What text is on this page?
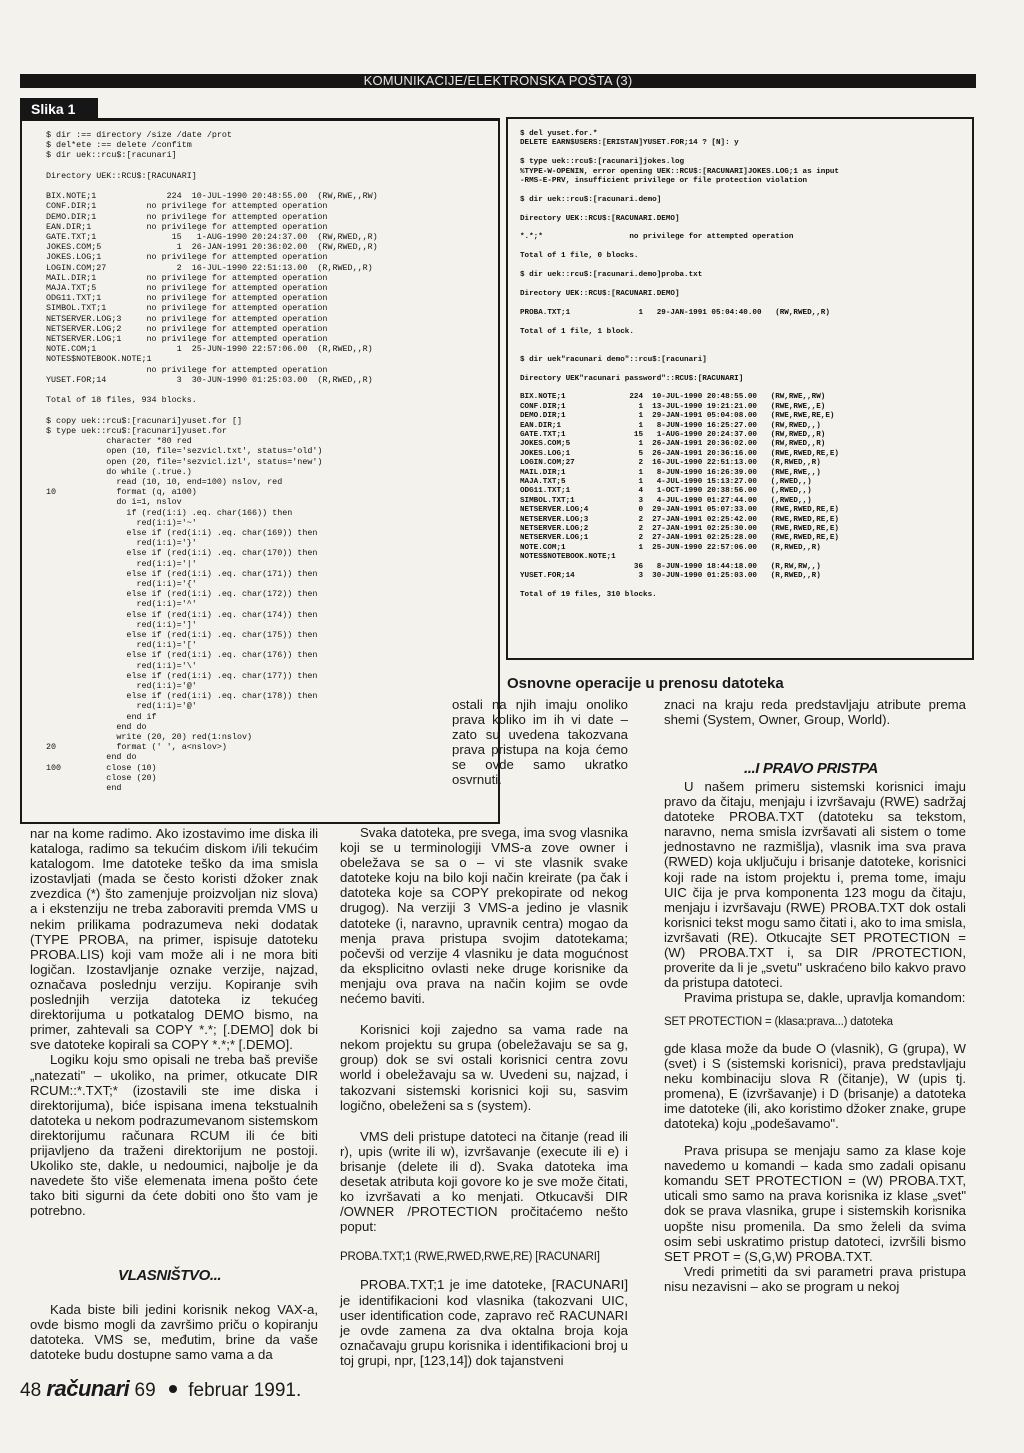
KOMUNIKACIJE/ELEKTRONSKA POŠTA (3)
Slika 1
$ dir :== directory /size /date /prot
$ del*ete :== delete /confitm
$ dir uek::rcu$:[racunari]

Directory UEK::RCU$:[RACUNARI]

BIX.NOTE;1              224  10-JUL-1990 20:48:55.00  (RW,RWE,,RW)
CONF.DIR;1          no privilege for attempted operation
DEMO.DIR;1          no privilege for attempted operation
EAN.DIR;1           no privilege for attempted operation
GATE.TXT;1               15   1-AUG-1990 20:24:37.00  (RW,RWED,,R)
JOKES.COM;5               1  26-JAN-1991 20:36:02.00  (RW,RWED,,R)
JOKES.LOG;1         no privilege for attempted operation
LOGIN.COM;27              2  16-JUL-1990 22:51:13.00  (R,RWED,,R)
MAIL.DIR;1          no privilege for attempted operation
MAJA.TXT;5          no privilege for attempted operation
ODG11.TXT;1         no privilege for attempted operation
SIMBOL.TXT;1        no privilege for attempted operation
NETSERVER.LOG;3     no privilege for attempted operation
NETSERVER.LOG;2     no privilege for attempted operation
NETSERVER.LOG;1     no privilege for attempted operation
NOTE.COM;1                1  25-JUN-1990 22:57:06.00  (R,RWED,,R)
NOTES$NOTEBOOK.NOTE;1
no privilege for attempted operation
YUSET.FOR;14              3  30-JUN-1990 01:25:03.00  (R,RWED,,R)

Total of 18 files, 934 blocks.

$ copy uek::rcu$:[racunari]yuset.for []
$ type uek::rcu$:[racunari]yuset.for
character *80 red
open (10, file='sezvicl.txt', status='old')
open (20, file='sezvicl.izl', status='new')
do while (.true.)
read (10, 10, end=100) nslov, red
10            format (q, a100)
do i=1, nslov
if (red(i:i) .eq. char(166)) then
red(i:i)='~'
else if (red(i:i) .eq. char(169)) then
red(i:i)='}'
else if (red(i:i) .eq. char(170)) then
red(i:i)='|'
else if (red(i:i) .eq. char(171)) then
red(i:i)='{'
else if (red(i:i) .eq. char(172)) then
red(i:i)='^'
else if (red(i:i) .eq. char(174)) then
red(i:i)=']'
else if (red(i:i) .eq. char(175)) then
red(i:i)='['
else if (red(i:i) .eq. char(176)) then
red(i:i)='\'
else if (red(i:i) .eq. char(177)) then
red(i:i)='@'
else if (red(i:i) .eq. char(178)) then
red(i:i)='@'
end if
end do
write (20, 20) red(1:nslov)
20            format (' ', a<nslov>)
end do
100         close (10)
close (20)
end
$ del yuset.for.*
DELETE EARN$USERS:[ERISTAN]YUSET.FOR;14 ? [N]: y

$ type uek::rcu$:[racunari]jokes.log
%TYPE-W-OPENIN, error opening UEK::RCU$:[RACUNARI]JOKES.LOG;1 as input
-RMS-E-PRV, insufficient privilege or file protection violation

$ dir uek::rcu$:[racunari.demo]

Directory UEK::RCU$:[RACUNARI.DEMO]

*.*;*                   no privilege for attempted operation

Total of 1 file, 0 blocks.

$ dir uek::rcu$:[racunari.demo]proba.txt

Directory UEK::RCU$:[RACUNARI.DEMO]

PROBA.TXT;1               1   29-JAN-1991 05:04:40.00   (RW,RWED,,R)

Total of 1 file, 1 block.

$ dir uek"racunari demo"::rcu$:[racunari]

Directory UEK"racunari password"::RCU$:[RACUNARI]

BIX.NOTE;1              224  10-JUL-1990 20:48:55.00   (RW,RWE,,RW)
CONF.DIR;1                1  13-JUL-1990 19:21:21.00   (RWE,RWE,,E)
DEMO.DIR;1                1  29-JAN-1991 05:04:08.00   (RWE,RWE,RE,E)
EAN.DIR;1                 1   8-JUN-1990 16:25:27.00   (RW,RWED,,)
GATE.TXT;1               15   1-AUG-1990 20:24:37.00   (RW,RWED,,R)
JOKES.COM;5               1  26-JAN-1991 20:36:02.00   (RW,RWED,,R)
JOKES.LOG;1               5  26-JAN-1991 20:36:16.00   (RWE,RWED,RE,E)
LOGIN.COM;27              2  16-JUL-1990 22:51:13.00   (R,RWED,,R)
MAIL.DIR;1                1   8-JUN-1990 16:26:39.00   (RWE,RWE,,)
MAJA.TXT;5                1   4-JUL-1990 15:13:27.00   (,RWED,,)
ODG11.TXT;1               4   1-OCT-1990 20:38:56.00   (,RWED,,)
SIMBOL.TXT;1              3   4-JUL-1990 01:27:44.00   (,RWED,,)
NETSERVER.LOG;4           0  29-JAN-1991 05:07:33.00   (RWE,RWED,RE,E)
NETSERVER.LOG;3           2  27-JAN-1991 02:25:42.00   (RWE,RWED,RE,E)
NETSERVER.LOG;2           2  27-JAN-1991 02:25:30.00   (RWE,RWED,RE,E)
NETSERVER.LOG;1           2  27-JAN-1991 02:25:28.00   (RWE,RWED,RE,E)
NOTE.COM;1                1  25-JUN-1990 22:57:06.00   (R,RWED,,R)
NOTES$NOTEBOOK.NOTE;1
36   8-JUN-1990 18:44:18.00   (R,RW,RW,,)
YUSET.FOR;14              3  30-JUN-1990 01:25:03.00   (R,RWED,,R)

Total of 19 files, 310 blocks.

nar na kome radimo. Ako izostavimo ime diska ili kataloga, radimo sa tekućim diskom i/ili tekućim katalogom. Ime datoteke teško da ima smisla izostavljati (mada se često koristi džoker znak zvezdica (*) što zamenjuje proizvoljan niz slova) a i ekstenziju ne treba zaboraviti premda VMS u nekim prilikama podrazumeva neki dodatak (TYPE PROBA, na primer, ispisuje datoteku PROBA.LIS) koji vam može ali i ne mora biti logičan. Izostavljanje oznake verzije, najzad, označava poslednju verziju. Kopiranje svih poslednjih verzija datoteka iz tekućeg direktorijuma u potkatalog DEMO bismo, na primer, zahtevali sa COPY *.*; [.DEMO] dok bi sve datoteke kopirali sa COPY *.*;* [.DEMO].

Logiku koju smo opisali ne treba baš previše „natezati" – ukoliko, na primer, otkucate DIR RCUM::*.TXT;* (izostavili ste ime diska i direktorijuma), biće ispisana imena tekstualnih datoteka u nekom podrazumevanom sistemskom direktorijumu računara RCUM ili će biti prijavljeno da traženi direktorijum ne postoji. Ukoliko ste, dakle, u nedoumici, najbolje je da navedete što više elemenata imena pošto ćete tako biti sigurni da ćete dobiti ono što vam je potrebno.

VLASNIŠTVO...

Kada biste bili jedini korisnik nekog VAX-a, ovde bismo mogli da završimo priču o kopiranju datoteka. VMS se, međutim, brine da vaše datoteke budu dostupne samo vama a da

Osnovne operacije u prenosu datoteka

ostali na njih imaju onoliko prava koliko im ih vi date – zato su uvedena takozvana prava pristupa na koja ćemo se ovde samo ukratko osvrnuti.

Svaka datoteka, pre svega, ima svog vlasnika koji se u terminologiji VMS-a zove owner i obeležava se sa o – vi ste vlasnik svake datoteke koju na bilo koji način kreirate (pa čak i datoteka koje sa COPY prekopirate od nekog drugog). Na verziji 3 VMS-a jedino je vlasnik datoteke (i, naravno, upravnik centra) mogao da menja prava pristupa svojim datotekama; počevši od verzije 4 vlasniku je data mogućnost da eksplicitno ovlasti neke druge korisnike da menjaju ova prava na način kojim se ovde nećemo baviti.

Korisnici koji zajedno sa vama rade na nekom projektu su grupa (obeležavaju se sa g, group) dok se svi ostali korisnici centra zovu world i obeležavaju sa w. Uvedeni su, najzad, i takozvani sistemski korisnici koji su, sasvim logično, obeleženi sa s (system).

VMS deli pristupe datoteci na čitanje (read ili r), upis (write ili w), izvršavanje (execute ili e) i brisanje (delete ili d). Svaka datoteka ima desetak atributa koji govore ko je sve može čitati, ko izvršavati a ko menjati. Otkucavši DIR /OWNER /PROTECTION pročitaćemo nešto poput:

PROBA.TXT;1 (RWE,RWED,RWE,RE) [RACUNARI]

PROBA.TXT;1 je ime datoteke, [RACUNARI] je identifikacioni kod vlasnika (takozvani UIC, user identification code, zapravo reč RACUNARI je ovde zamena za dva oktalna broja koja označavaju grupu korisnika i identifikacioni broj u toj grupi, npr, [123,14]) dok tajanstveni

znaci na kraju reda predstavljaju atribute prema shemi (System, Owner, Group, World).

...I PRAVO PRISTPA

U našem primeru sistemski korisnici imaju pravo da čitaju, menjaju i izvršavaju (RWE) sadržaj datoteke PROBA.TXT (datoteku sa tekstom, naravno, nema smisla izvršavati ali sistem o tome jednostavno ne razmišlja), vlasnik ima sva prava (RWED) koja uključuju i brisanje datoteke, korisnici koji rade na istom projektu i, prema tome, imaju UIC čija je prva komponenta 123 mogu da čitaju, menjaju i izvršavaju (RWE) PROBA.TXT dok ostali korisnici tekst mogu samo čitati i, ako to ima smisla, izvršavati (RE). Otkucajte SET PROTECTION = (W) PROBA.TXT i, sa DIR /PROTECTION, proverite da li je „svetu" uskraćeno bilo kakvo pravo da pristupa datoteci.

Pravima pristupa se, dakle, upravlja komandom:

SET PROTECTION = (klasa:prava...) datoteka

gde klasa može da bude O (vlasnik), G (grupa), W (svet) i S (sistemski korisnici), prava predstavljaju neku kombinaciju slova R (čitanje), W (upis tj. promena), E (izvršavanje) i D (brisanje) a datoteka ime datoteke (ili, ako koristimo džoker znake, grupe datoteka) koju „podešavamo".

Prava prisupa se menjaju samo za klase koje navedemo u komandi – kada smo zadali opisanu komandu SET PROTECTION = (W) PROBA.TXT, uticali smo samo na prava korisnika iz klase „svet" dok se prava vlasnika, grupe i sistemskih korisnika uopšte nisu promenila. Da smo želeli da svima osim sebi uskratimo pristup datoteci, izvršili bismo SET PROT = (S,G,W) PROBA.TXT.

Vredi primetiti da svi parametri prava pristupa nisu nezavisni – ako se program u nekoj

48 računari 69 februar 1991.
